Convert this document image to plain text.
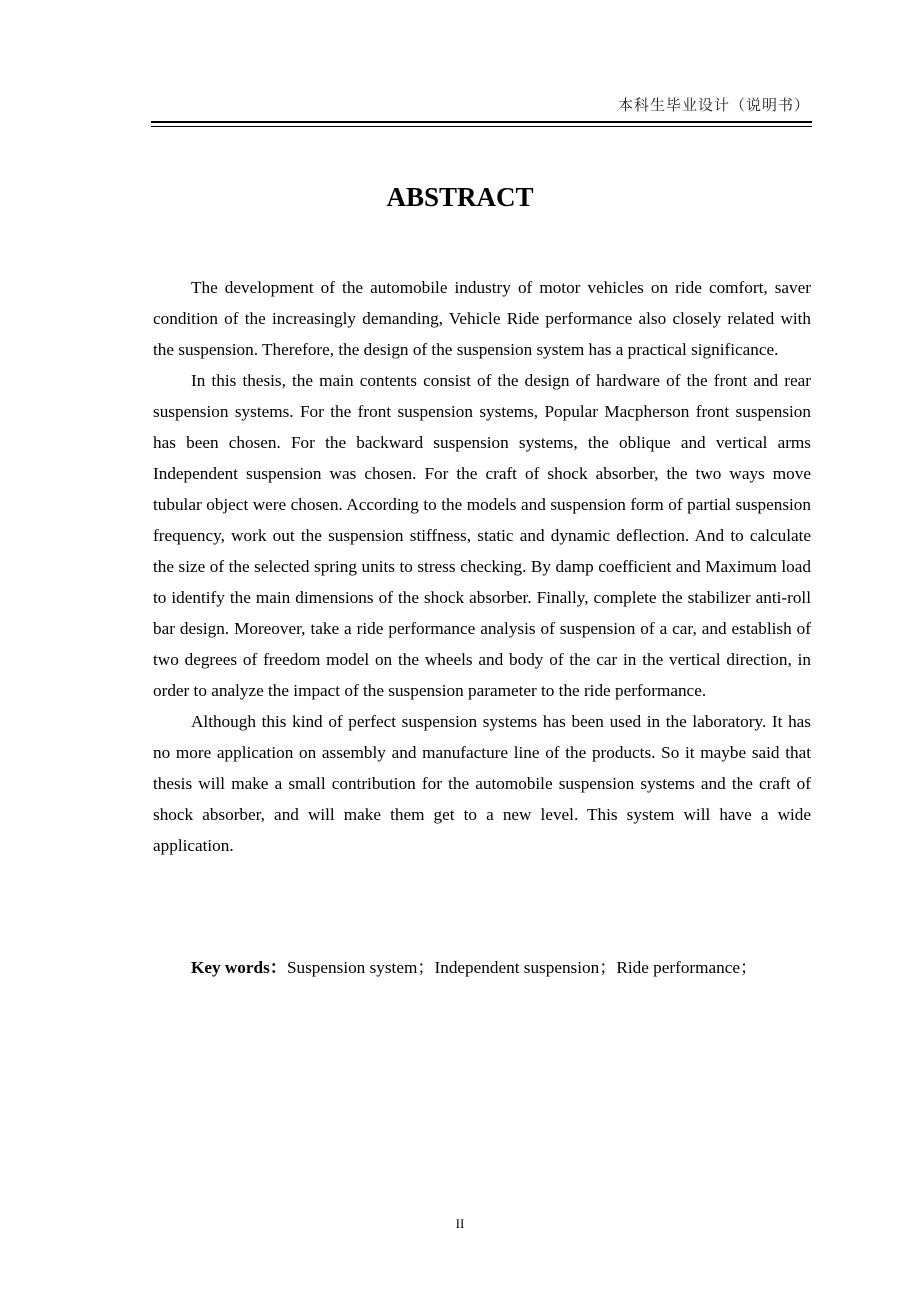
本科生毕业设计（说明书）
ABSTRACT

The development of the automobile industry of motor vehicles on ride comfort, saver condition of the increasingly demanding, Vehicle Ride performance also closely related with the suspension. Therefore, the design of the suspension system has a practical significance.

In this thesis, the main contents consist of the design of hardware of the front and rear suspension systems. For the front suspension systems, Popular Macpherson front suspension has been chosen. For the backward suspension systems, the oblique and vertical arms Independent suspension was chosen. For the craft of shock absorber, the two ways move tubular object were chosen. According to the models and suspension form of partial suspension frequency, work out the suspension stiffness, static and dynamic deflection. And to calculate the size of the selected spring units to stress checking. By damp coefficient and Maximum load to identify the main dimensions of the shock absorber. Finally, complete the stabilizer anti-roll bar design. Moreover, take a ride performance analysis of suspension of a car, and establish of two degrees of freedom model on the wheels and body of the car in the vertical direction, in order to analyze the impact of the suspension parameter to the ride performance.

Although this kind of perfect suspension systems has been used in the laboratory. It has no more application on assembly and manufacture line of the products. So it maybe said that thesis will make a small contribution for the automobile suspension systems and the craft of shock absorber, and will make them get to a new level. This system will have a wide application.

Key words：Suspension system；Independent suspension；Ride performance；
II
